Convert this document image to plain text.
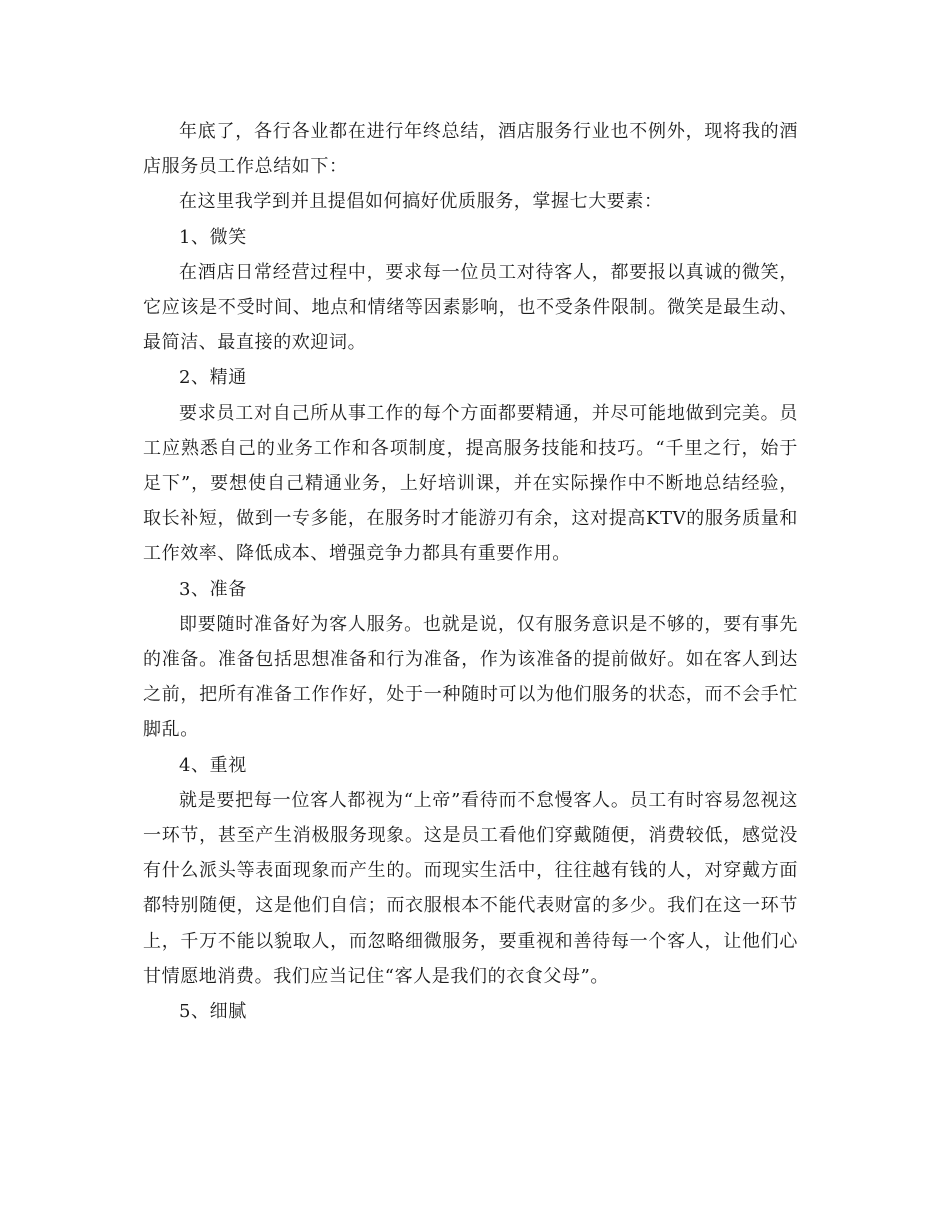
年底了，各行各业都在进行年终总结，酒店服务行业也不例外，现将我的酒店服务员工作总结如下：

在这里我学到并且提倡如何搞好优质服务，掌握七大要素：

1、微笑

在酒店日常经营过程中，要求每一位员工对待客人，都要报以真诚的微笑，它应该是不受时间、地点和情绪等因素影响，也不受条件限制。微笑是最生动、最简洁、最直接的欢迎词。

2、精通

要求员工对自己所从事工作的每个方面都要精通，并尽可能地做到完美。员工应熟悉自己的业务工作和各项制度，提高服务技能和技巧。“千里之行，始于足下”，要想使自己精通业务，上好培训课，并在实际操作中不断地总结经验，取长补短，做到一专多能，在服务时才能游刃有余，这对提高KTV的服务质量和工作效率、降低成本、增强竞争力都具有重要作用。

3、准备

即要随时准备好为客人服务。也就是说，仅有服务意识是不够的，要有事先的准备。准备包括思想准备和行为准备，作为该准备的提前做好。如在客人到达之前，把所有准备工作作好，处于一种随时可以为他们服务的状态，而不会手忙脚乱。

4、重视

就是要把每一位客人都视为“上帝”看待而不怠慢客人。员工有时容易忽视这一环节，甚至产生消极服务现象。这是员工看他们穿戴随便，消费较低，感觉没有什么派头等表面现象而产生的。而现实生活中，往往越有钱的人，对穿戴方面都特别随便，这是他们自信；而衣服根本不能代表财富的多少。我们在这一环节上，千万不能以貌取人，而忽略细微服务，要重视和善待每一个客人，让他们心甘情愿地消费。我们应当记住“客人是我们的衣食父母”。

5、细腻
